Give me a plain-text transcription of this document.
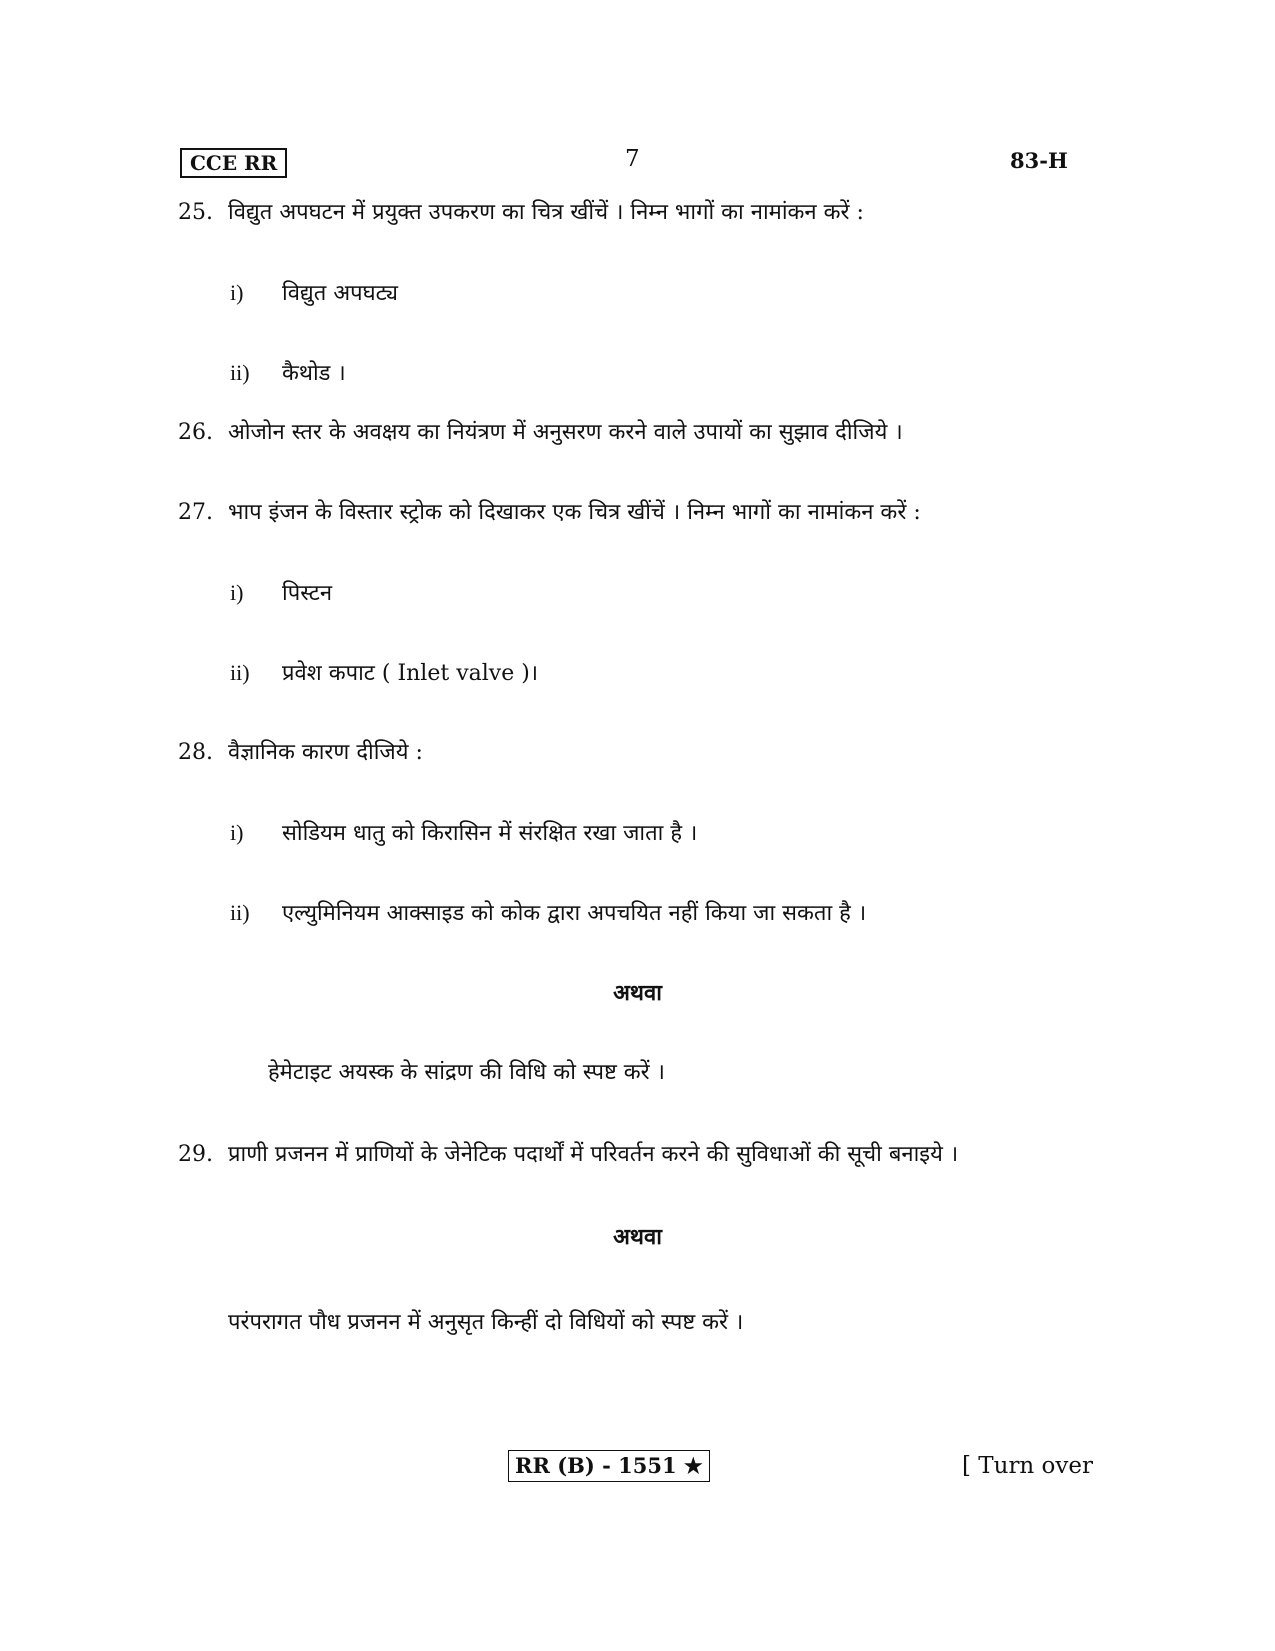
CCE RR	7	83-H
25. विद्युत अपघटन में प्रयुक्त उपकरण का चित्र खींचें । निम्न भागों का नामांकन करें :
i) विद्युत अपघट्य
ii) कैथोड ।
26. ओजोन स्तर के अवक्षय का नियंत्रण में अनुसरण करने वाले उपायों का सुझाव दीजिये ।
27. भाप इंजन के विस्तार स्ट्रोक को दिखाकर एक चित्र खींचें । निम्न भागों का नामांकन करें :
i) पिस्टन
ii) प्रवेश कपाट ( Inlet valve )।
28. वैज्ञानिक कारण दीजिये :
i) सोडियम धातु को किरासिन में संरक्षित रखा जाता है ।
ii) एल्युमिनियम आक्साइड को कोक द्वारा अपचयित नहीं किया जा सकता है ।
अथवा
हेमेटाइट अयस्क के सांद्रण की विधि को स्पष्ट करें ।
29. प्राणी प्रजनन में प्राणियों के जेनेटिक पदार्थों में परिवर्तन करने की सुविधाओं की सूची बनाइये ।
अथवा
परंपरागत पौध प्रजनन में अनुसृत किन्हीं दो विधियों को स्पष्ट करें ।
RR (B) - 1551 ★	[ Turn over
